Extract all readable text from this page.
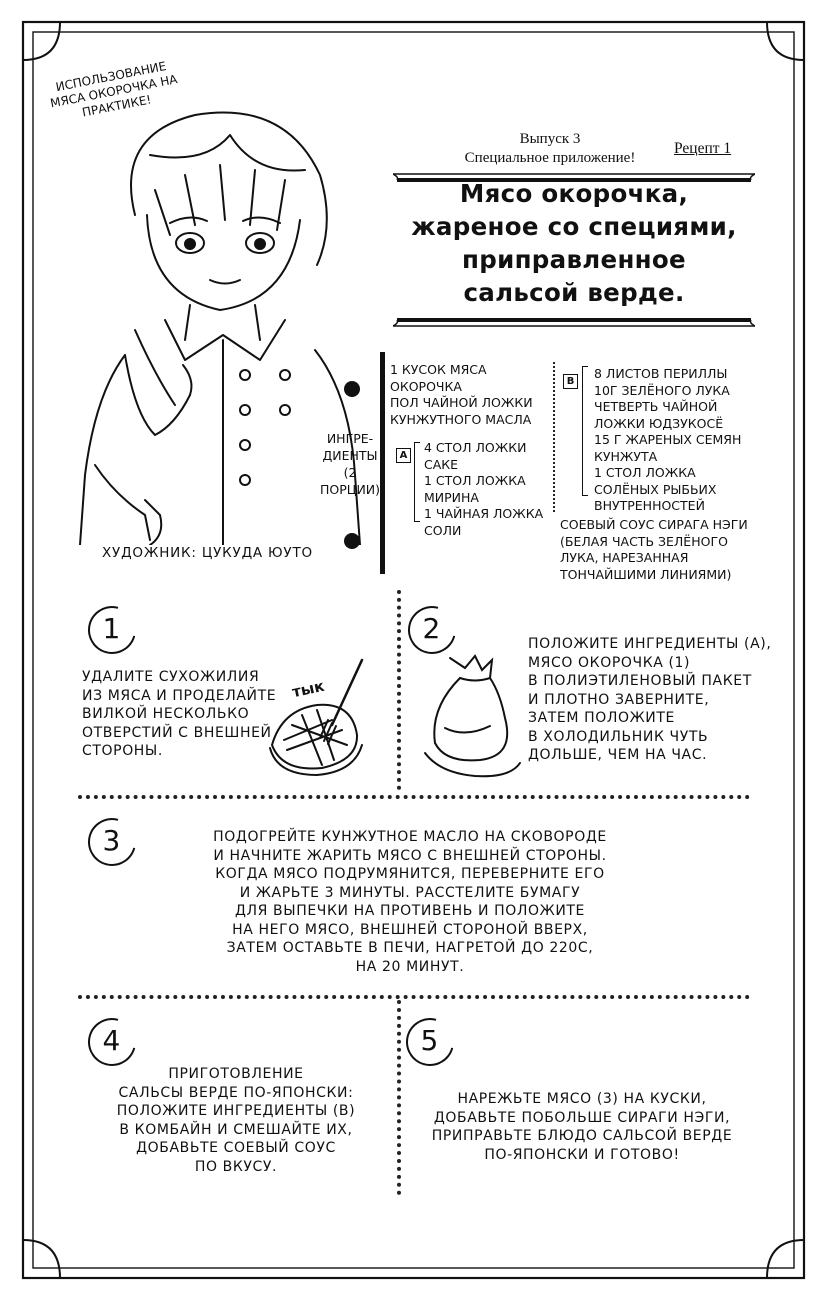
ИСПОЛЬЗОВАНИЕ МЯСА ОКОРОЧКА НА ПРАКТИКЕ!
Выпуск 3
Специальное приложение!
Рецепт 1
Мясо окорочка,
жареное со специями,
приправленное
сальсой верде.
ИНГРЕ-
ДИЕНТЫ
(2
ПОРЦИИ)
1 КУСОК МЯСА
ОКОРОЧКА
ПОЛ ЧАЙНОЙ ЛОЖКИ
КУНЖУТНОГО МАСЛА
A
4 СТОЛ ЛОЖКИ
САКЕ
1 СТОЛ ЛОЖКА
МИРИНА
1 ЧАЙНАЯ ЛОЖКА
СОЛИ
B
8 ЛИСТОВ ПЕРИЛЛЫ
10Г ЗЕЛЁНОГО ЛУКА
ЧЕТВЕРТЬ ЧАЙНОЙ
ЛОЖКИ ЮДЗУКОСЁ
15 Г ЖАРЕНЫХ СЕМЯН
КУНЖУТА
1 СТОЛ ЛОЖКА
СОЛЁНЫХ РЫБЬИХ
ВНУТРЕННОСТЕЙ
СОЕВЫЙ СОУС СИРАГА НЭГИ
(БЕЛАЯ ЧАСТЬ ЗЕЛЁНОГО
ЛУКА, НАРЕЗАННАЯ
ТОНЧАЙШИМИ ЛИНИЯМИ)
ХУДОЖНИК: ЦУКУДА ЮУТО
1
УДАЛИТЕ СУХОЖИЛИЯ
ИЗ МЯСА И ПРОДЕЛАЙТЕ
ВИЛКОЙ НЕСКОЛЬКО
ОТВЕРСТИЙ С ВНЕШНЕЙ
СТОРОНЫ.
тык
2	ПОЛОЖИТЕ ИНГРЕДИЕНТЫ (А),
МЯСО ОКОРОЧКА (1)
В ПОЛИЭТИЛЕНОВЫЙ ПАКЕТ
И ПЛОТНО ЗАВЕРНИТЕ,
ЗАТЕМ ПОЛОЖИТЕ
В ХОЛОДИЛЬНИК ЧУТЬ
ДОЛЬШЕ, ЧЕМ НА ЧАС.
3	ПОДОГРЕЙТЕ КУНЖУТНОЕ МАСЛО НА СКОВОРОДЕ
И НАЧНИТЕ ЖАРИТЬ МЯСО С ВНЕШНЕЙ СТОРОНЫ.
КОГДА МЯСО ПОДРУМЯНИТСЯ, ПЕРЕВЕРНИТЕ ЕГО
И ЖАРЬТЕ 3 МИНУТЫ. РАССТЕЛИТЕ БУМАГУ
ДЛЯ ВЫПЕЧКИ НА ПРОТИВЕНЬ И ПОЛОЖИТЕ
НА НЕГО МЯСО, ВНЕШНЕЙ СТОРОНОЙ ВВЕРХ,
ЗАТЕМ ОСТАВЬТЕ В ПЕЧИ, НАГРЕТОЙ ДО 220С,
НА 20 МИНУТ.
4
ПРИГОТОВЛЕНИЕ
САЛЬСЫ ВЕРДЕ ПО-ЯПОНСКИ:
ПОЛОЖИТЕ ИНГРЕДИЕНТЫ (В)
В КОМБАЙН И СМЕШАЙТЕ ИХ,
ДОБАВЬТЕ СОЕВЫЙ СОУС
ПО ВКУСУ.
5
НАРЕЖЬТЕ МЯСО (3) НА КУСКИ,
ДОБАВЬТЕ ПОБОЛЬШЕ СИРАГИ НЭГИ,
ПРИПРАВЬТЕ БЛЮДО САЛЬСОЙ ВЕРДЕ
ПО-ЯПОНСКИ И ГОТОВО!
